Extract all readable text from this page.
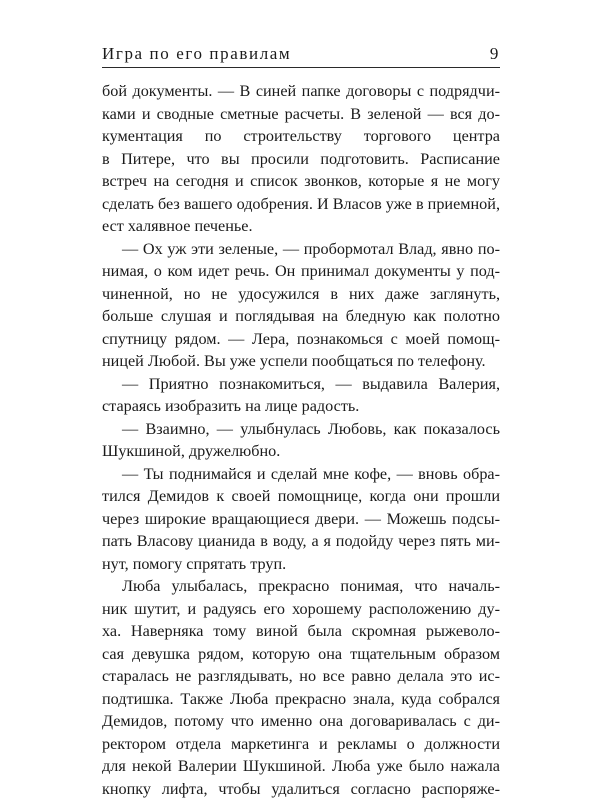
Игра по его правилам	9
бой документы. — В синей папке договоры с подрядчи-
ками и сводные сметные расчеты. В зеленой — вся до-
кументация по строительству торгового центра
в Питере, что вы просили подготовить. Расписание
встреч на сегодня и список звонков, которые я не могу
сделать без вашего одобрения. И Власов уже в приемной,
ест халявное печенье.
— Ох уж эти зеленые, — пробормотал Влад, явно по-
нимая, о ком идет речь. Он принимал документы у под-
чиненной, но не удосужился в них даже заглянуть,
больше слушая и поглядывая на бледную как полотно
спутницу рядом. — Лера, познакомься с моей помощ-
ницей Любой. Вы уже успели пообщаться по телефону.
— Приятно познакомиться, — выдавила Валерия,
стараясь изобразить на лице радость.
— Взаимно, — улыбнулась Любовь, как показалось
Шукшиной, дружелюбно.
— Ты поднимайся и сделай мне кофе, — вновь обра-
тился Демидов к своей помощнице, когда они прошли
через широкие вращающиеся двери. — Можешь подсы-
пать Власову цианида в воду, а я подойду через пять ми-
нут, помогу спрятать труп.
Люба улыбалась, прекрасно понимая, что началь-
ник шутит, и радуясь его хорошему расположению ду-
ха. Наверняка тому виной была скромная рыжеволо-
сая девушка рядом, которую она тщательным образом
старалась не разглядывать, но все равно делала это ис-
подтишка. Также Люба прекрасно знала, куда собрался
Демидов, потому что именно она договаривалась с ди-
ректором отдела маркетинга и рекламы о должности
для некой Валерии Шукшиной. Люба уже было нажала
кнопку лифта, чтобы удалиться согласно распоряже-
